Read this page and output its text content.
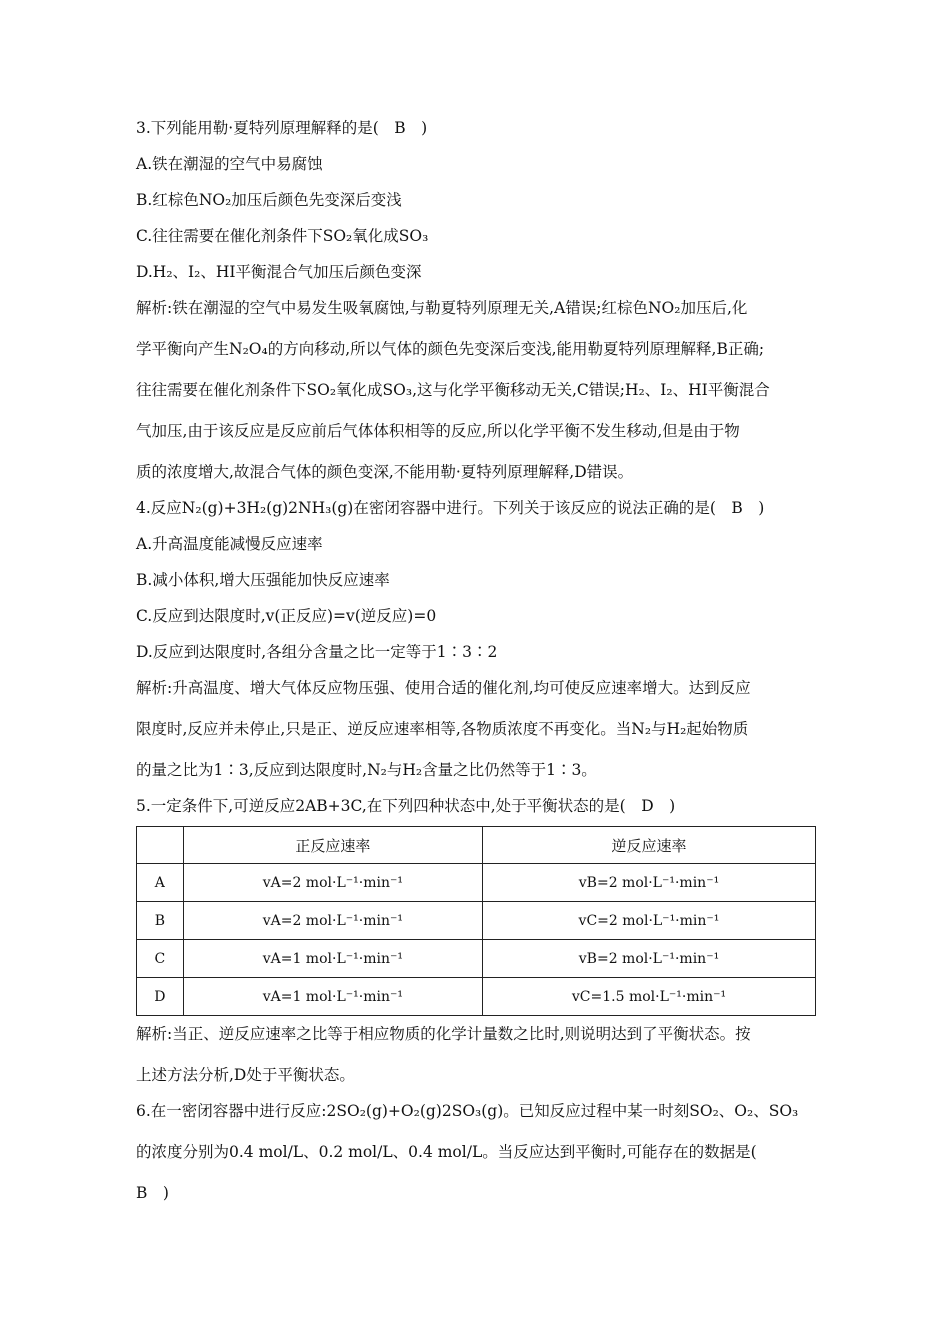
3.下列能用勒·夏特列原理解释的是(　B　)
A.铁在潮湿的空气中易腐蚀
B.红棕色NO₂加压后颜色先变深后变浅
C.往往需要在催化剂条件下SO₂氧化成SO₃
D.H₂、I₂、HI平衡混合气加压后颜色变深
解析:铁在潮湿的空气中易发生吸氧腐蚀,与勒夏特列原理无关,A错误;红棕色NO₂加压后,化
学平衡向产生N₂O₄的方向移动,所以气体的颜色先变深后变浅,能用勒夏特列原理解释,B正确;
往往需要在催化剂条件下SO₂氧化成SO₃,这与化学平衡移动无关,C错误;H₂、I₂、HI平衡混合
气加压,由于该反应是反应前后气体体积相等的反应,所以化学平衡不发生移动,但是由于物
质的浓度增大,故混合气体的颜色变深,不能用勒·夏特列原理解释,D错误。
4.反应N₂(g)+3H₂(g)2NH₃(g)在密闭容器中进行。下列关于该反应的说法正确的是(　B　)
A.升高温度能减慢反应速率
B.减小体积,增大压强能加快反应速率
C.反应到达限度时,v(正反应)=v(逆反应)=0
D.反应到达限度时,各组分含量之比一定等于1∶3∶2
解析:升高温度、增大气体反应物压强、使用合适的催化剂,均可使反应速率增大。达到反应
限度时,反应并未停止,只是正、逆反应速率相等,各物质浓度不再变化。当N₂与H₂起始物质
的量之比为1∶3,反应到达限度时,N₂与H₂含量之比仍然等于1∶3。
5.一定条件下,可逆反应2AB+3C,在下列四种状态中,处于平衡状态的是(　D　)
	正反应速率	逆反应速率
A	vA=2 mol·L⁻¹·min⁻¹	vB=2 mol·L⁻¹·min⁻¹
B	vA=2 mol·L⁻¹·min⁻¹	vC=2 mol·L⁻¹·min⁻¹
C	vA=1 mol·L⁻¹·min⁻¹	vB=2 mol·L⁻¹·min⁻¹
D	vA=1 mol·L⁻¹·min⁻¹	vC=1.5 mol·L⁻¹·min⁻¹
解析:当正、逆反应速率之比等于相应物质的化学计量数之比时,则说明达到了平衡状态。按
上述方法分析,D处于平衡状态。
6.在一密闭容器中进行反应:2SO₂(g)+O₂(g)2SO₃(g)。已知反应过程中某一时刻SO₂、O₂、SO₃
的浓度分别为0.4 mol/L、0.2 mol/L、0.4 mol/L。当反应达到平衡时,可能存在的数据是(
B　)
